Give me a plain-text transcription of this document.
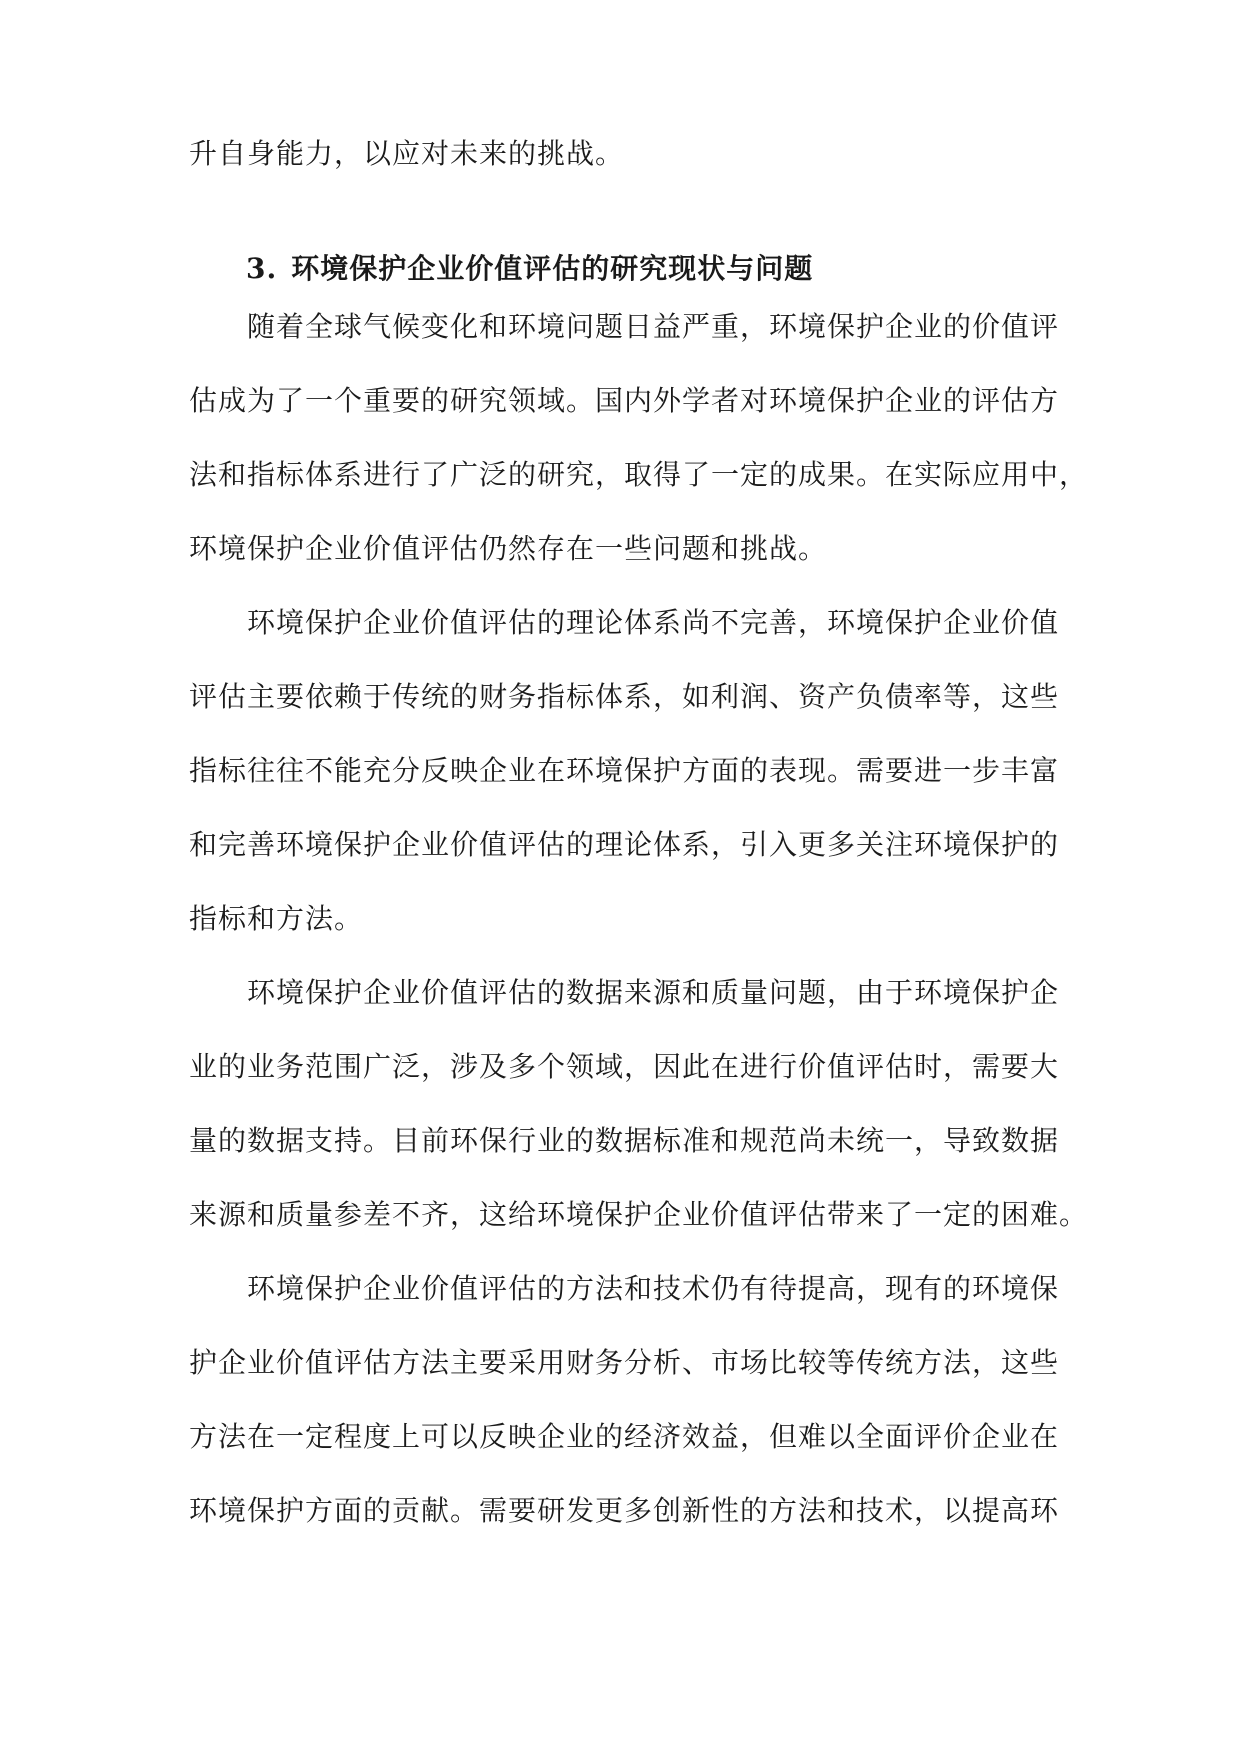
升自身能力，以应对未来的挑战。
3. 环境保护企业价值评估的研究现状与问题
　　随着全球气候变化和环境问题日益严重，环境保护企业的价值评
估成为了一个重要的研究领域。国内外学者对环境保护企业的评估方
法和指标体系进行了广泛的研究，取得了一定的成果。在实际应用中，
环境保护企业价值评估仍然存在一些问题和挑战。
　　环境保护企业价值评估的理论体系尚不完善，环境保护企业价值
评估主要依赖于传统的财务指标体系，如利润、资产负债率等，这些
指标往往不能充分反映企业在环境保护方面的表现。需要进一步丰富
和完善环境保护企业价值评估的理论体系，引入更多关注环境保护的
指标和方法。
　　环境保护企业价值评估的数据来源和质量问题，由于环境保护企
业的业务范围广泛，涉及多个领域，因此在进行价值评估时，需要大
量的数据支持。目前环保行业的数据标准和规范尚未统一，导致数据
来源和质量参差不齐，这给环境保护企业价值评估带来了一定的困难。
　　环境保护企业价值评估的方法和技术仍有待提高，现有的环境保
护企业价值评估方法主要采用财务分析、市场比较等传统方法，这些
方法在一定程度上可以反映企业的经济效益，但难以全面评价企业在
环境保护方面的贡献。需要研发更多创新性的方法和技术，以提高环
